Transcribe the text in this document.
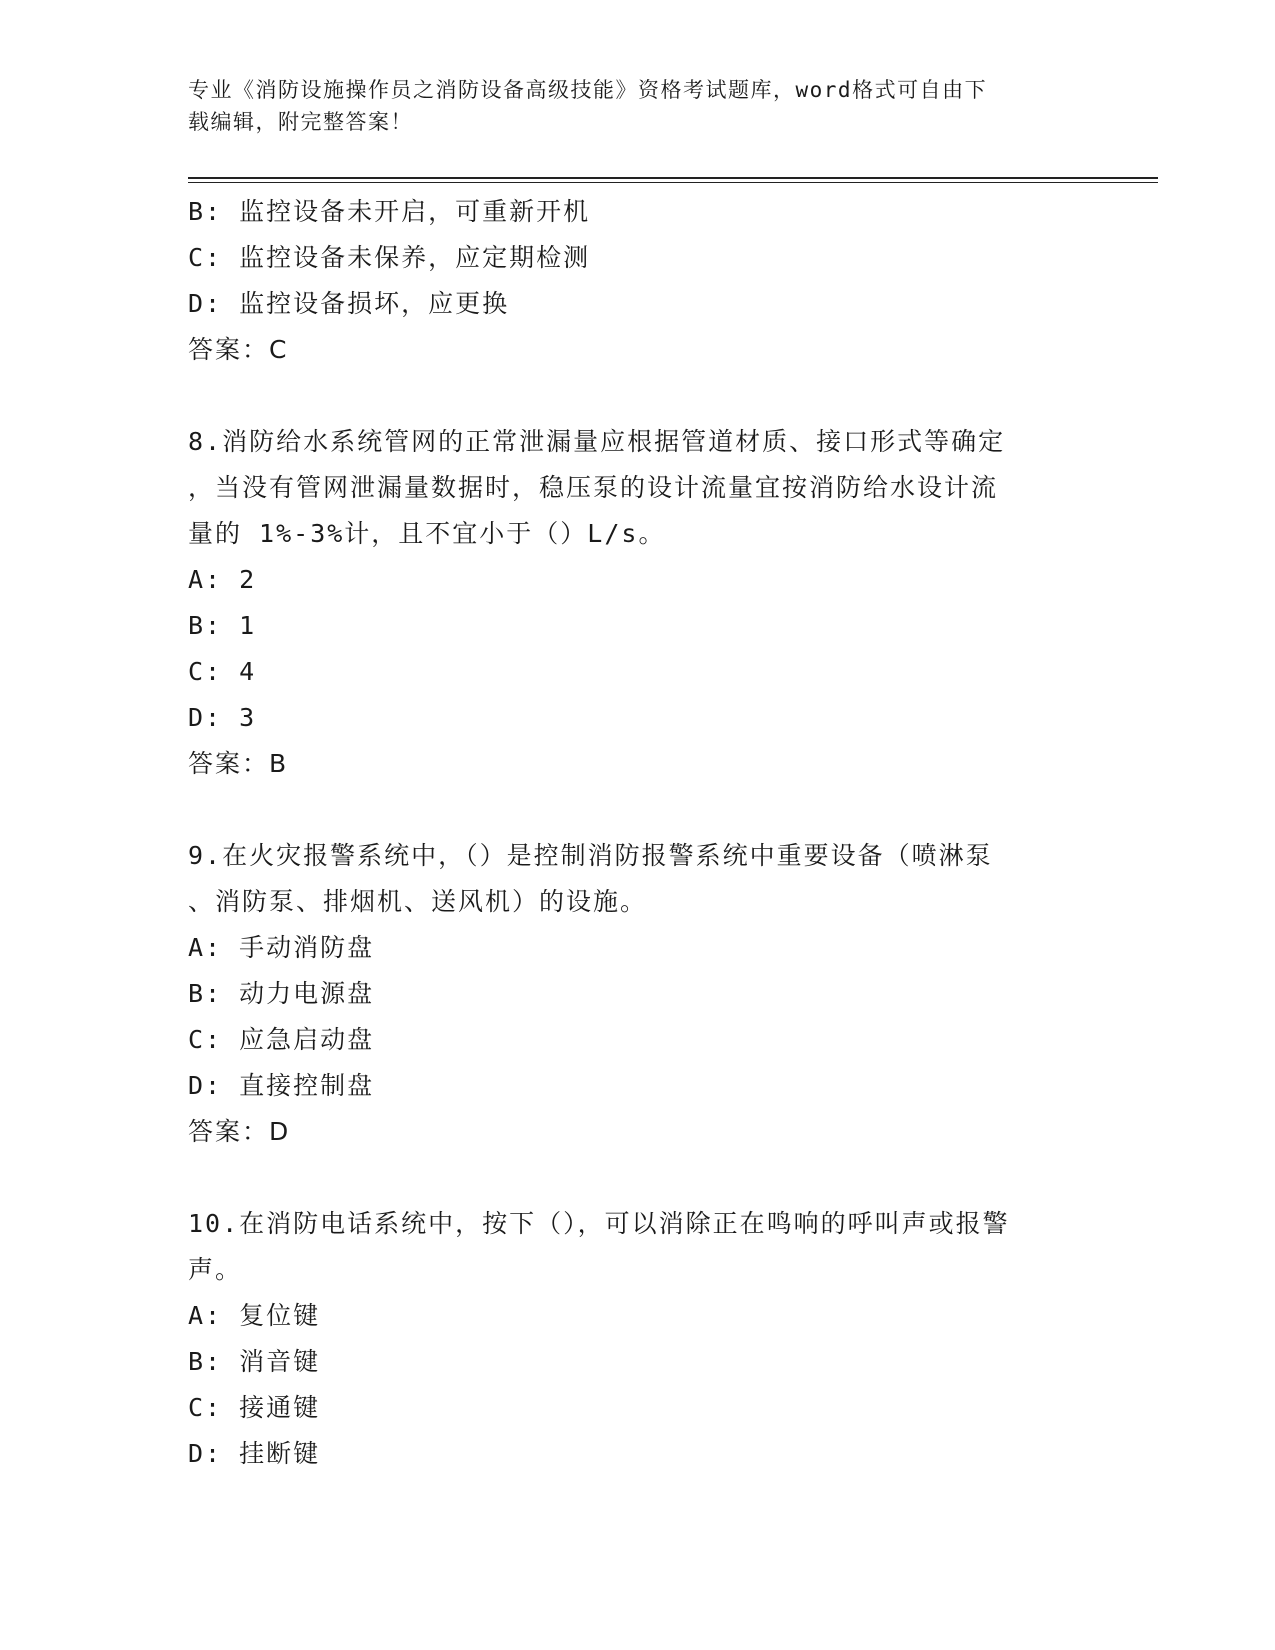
专业《消防设施操作员之消防设备高级技能》资格考试题库，word格式可自由下
载编辑，附完整答案！
B: 监控设备未开启，可重新开机
C: 监控设备未保养，应定期检测
D: 监控设备损坏，应更换
答案：C
8.消防给水系统管网的正常泄漏量应根据管道材质、接口形式等确定
，当没有管网泄漏量数据时，稳压泵的设计流量宜按消防给水设计流
量的 1%-3%计，且不宜小于（）L/s。
A: 2
B: 1
C: 4
D: 3
答案：B
9.在火灾报警系统中，（）是控制消防报警系统中重要设备（喷淋泵
、消防泵、排烟机、送风机）的设施。
A: 手动消防盘
B: 动力电源盘
C: 应急启动盘
D: 直接控制盘
答案：D
10.在消防电话系统中，按下（），可以消除正在鸣响的呼叫声或报警
声。
A: 复位键
B: 消音键
C: 接通键
D: 挂断键
